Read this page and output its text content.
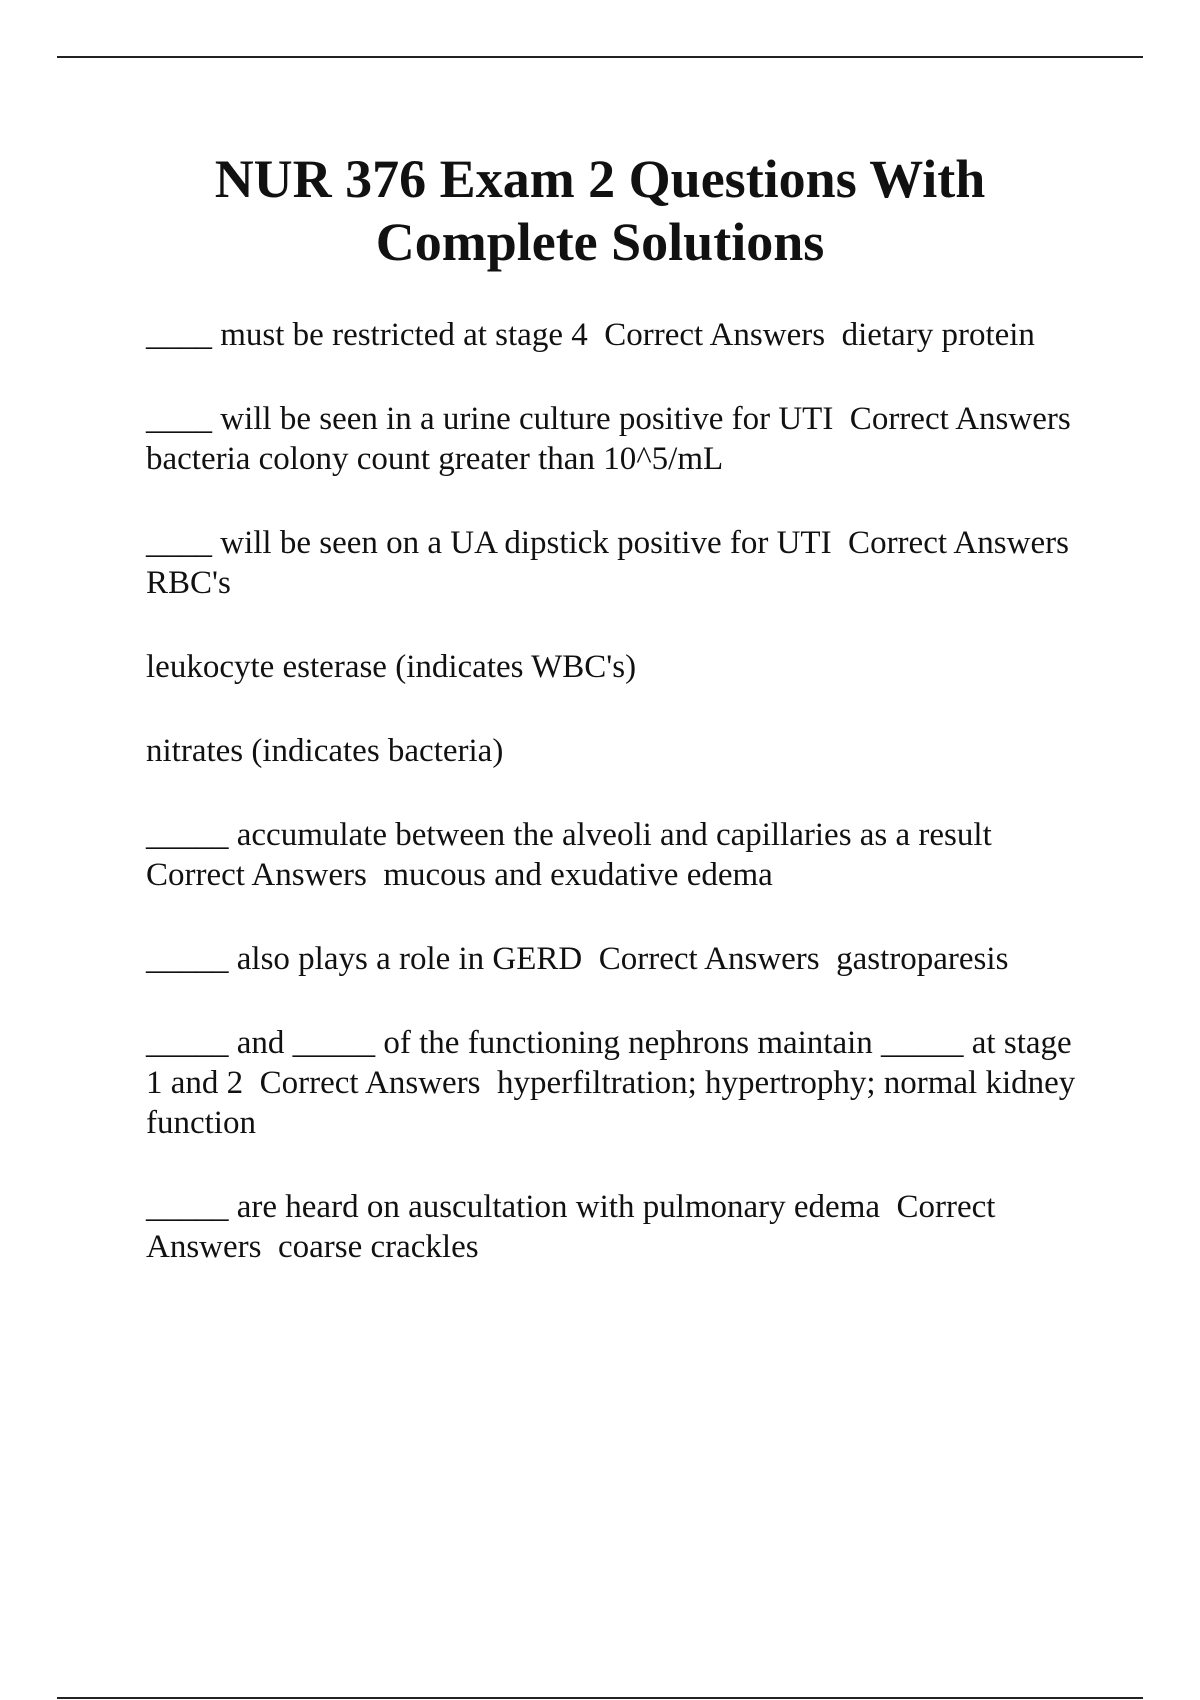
NUR 376 Exam 2 Questions With Complete Solutions

____ must be restricted at stage 4  Correct Answers  dietary protein

____ will be seen in a urine culture positive for UTI  Correct Answers  bacteria colony count greater than 10^5/mL

____ will be seen on a UA dipstick positive for UTI  Correct Answers  RBC's

leukocyte esterase (indicates WBC's)

nitrates (indicates bacteria)

_____ accumulate between the alveoli and capillaries as a result  Correct Answers  mucous and exudative edema

_____ also plays a role in GERD  Correct Answers  gastroparesis

_____ and _____ of the functioning nephrons maintain _____ at stage 1 and 2  Correct Answers  hyperfiltration; hypertrophy; normal kidney function

_____ are heard on auscultation with pulmonary edema  Correct Answers  coarse crackles
